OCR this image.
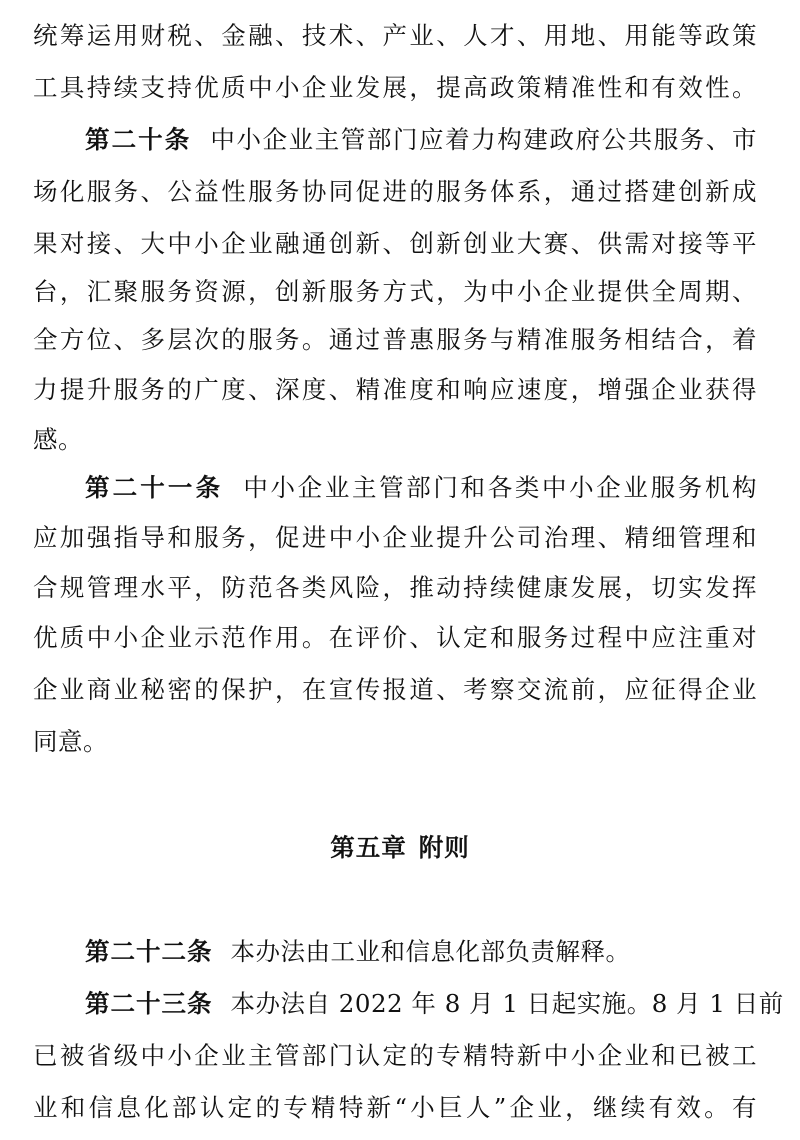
统筹运用财税、金融、技术、产业、人才、用地、用能等政策
工具持续支持优质中小企业发展，提高政策精准性和有效性。
第二十条 中小企业主管部门应着力构建政府公共服务、市
场化服务、公益性服务协同促进的服务体系，通过搭建创新成
果对接、大中小企业融通创新、创新创业大赛、供需对接等平
台，汇聚服务资源，创新服务方式，为中小企业提供全周期、
全方位、多层次的服务。通过普惠服务与精准服务相结合，着
力提升服务的广度、深度、精准度和响应速度，增强企业获得
感。
第二十一条 中小企业主管部门和各类中小企业服务机构
应加强指导和服务，促进中小企业提升公司治理、精细管理和
合规管理水平，防范各类风险，推动持续健康发展，切实发挥
优质中小企业示范作用。在评价、认定和服务过程中应注重对
企业商业秘密的保护，在宣传报道、考察交流前，应征得企业
同意。
第五章 附则
第二十二条 本办法由工业和信息化部负责解释。
第二十三条 本办法自 2022 年 8 月 1 日起实施。8 月 1 日前
已被省级中小企业主管部门认定的专精特新中小企业和已被工
业和信息化部认定的专精特新“小巨人”企业，继续有效。有
